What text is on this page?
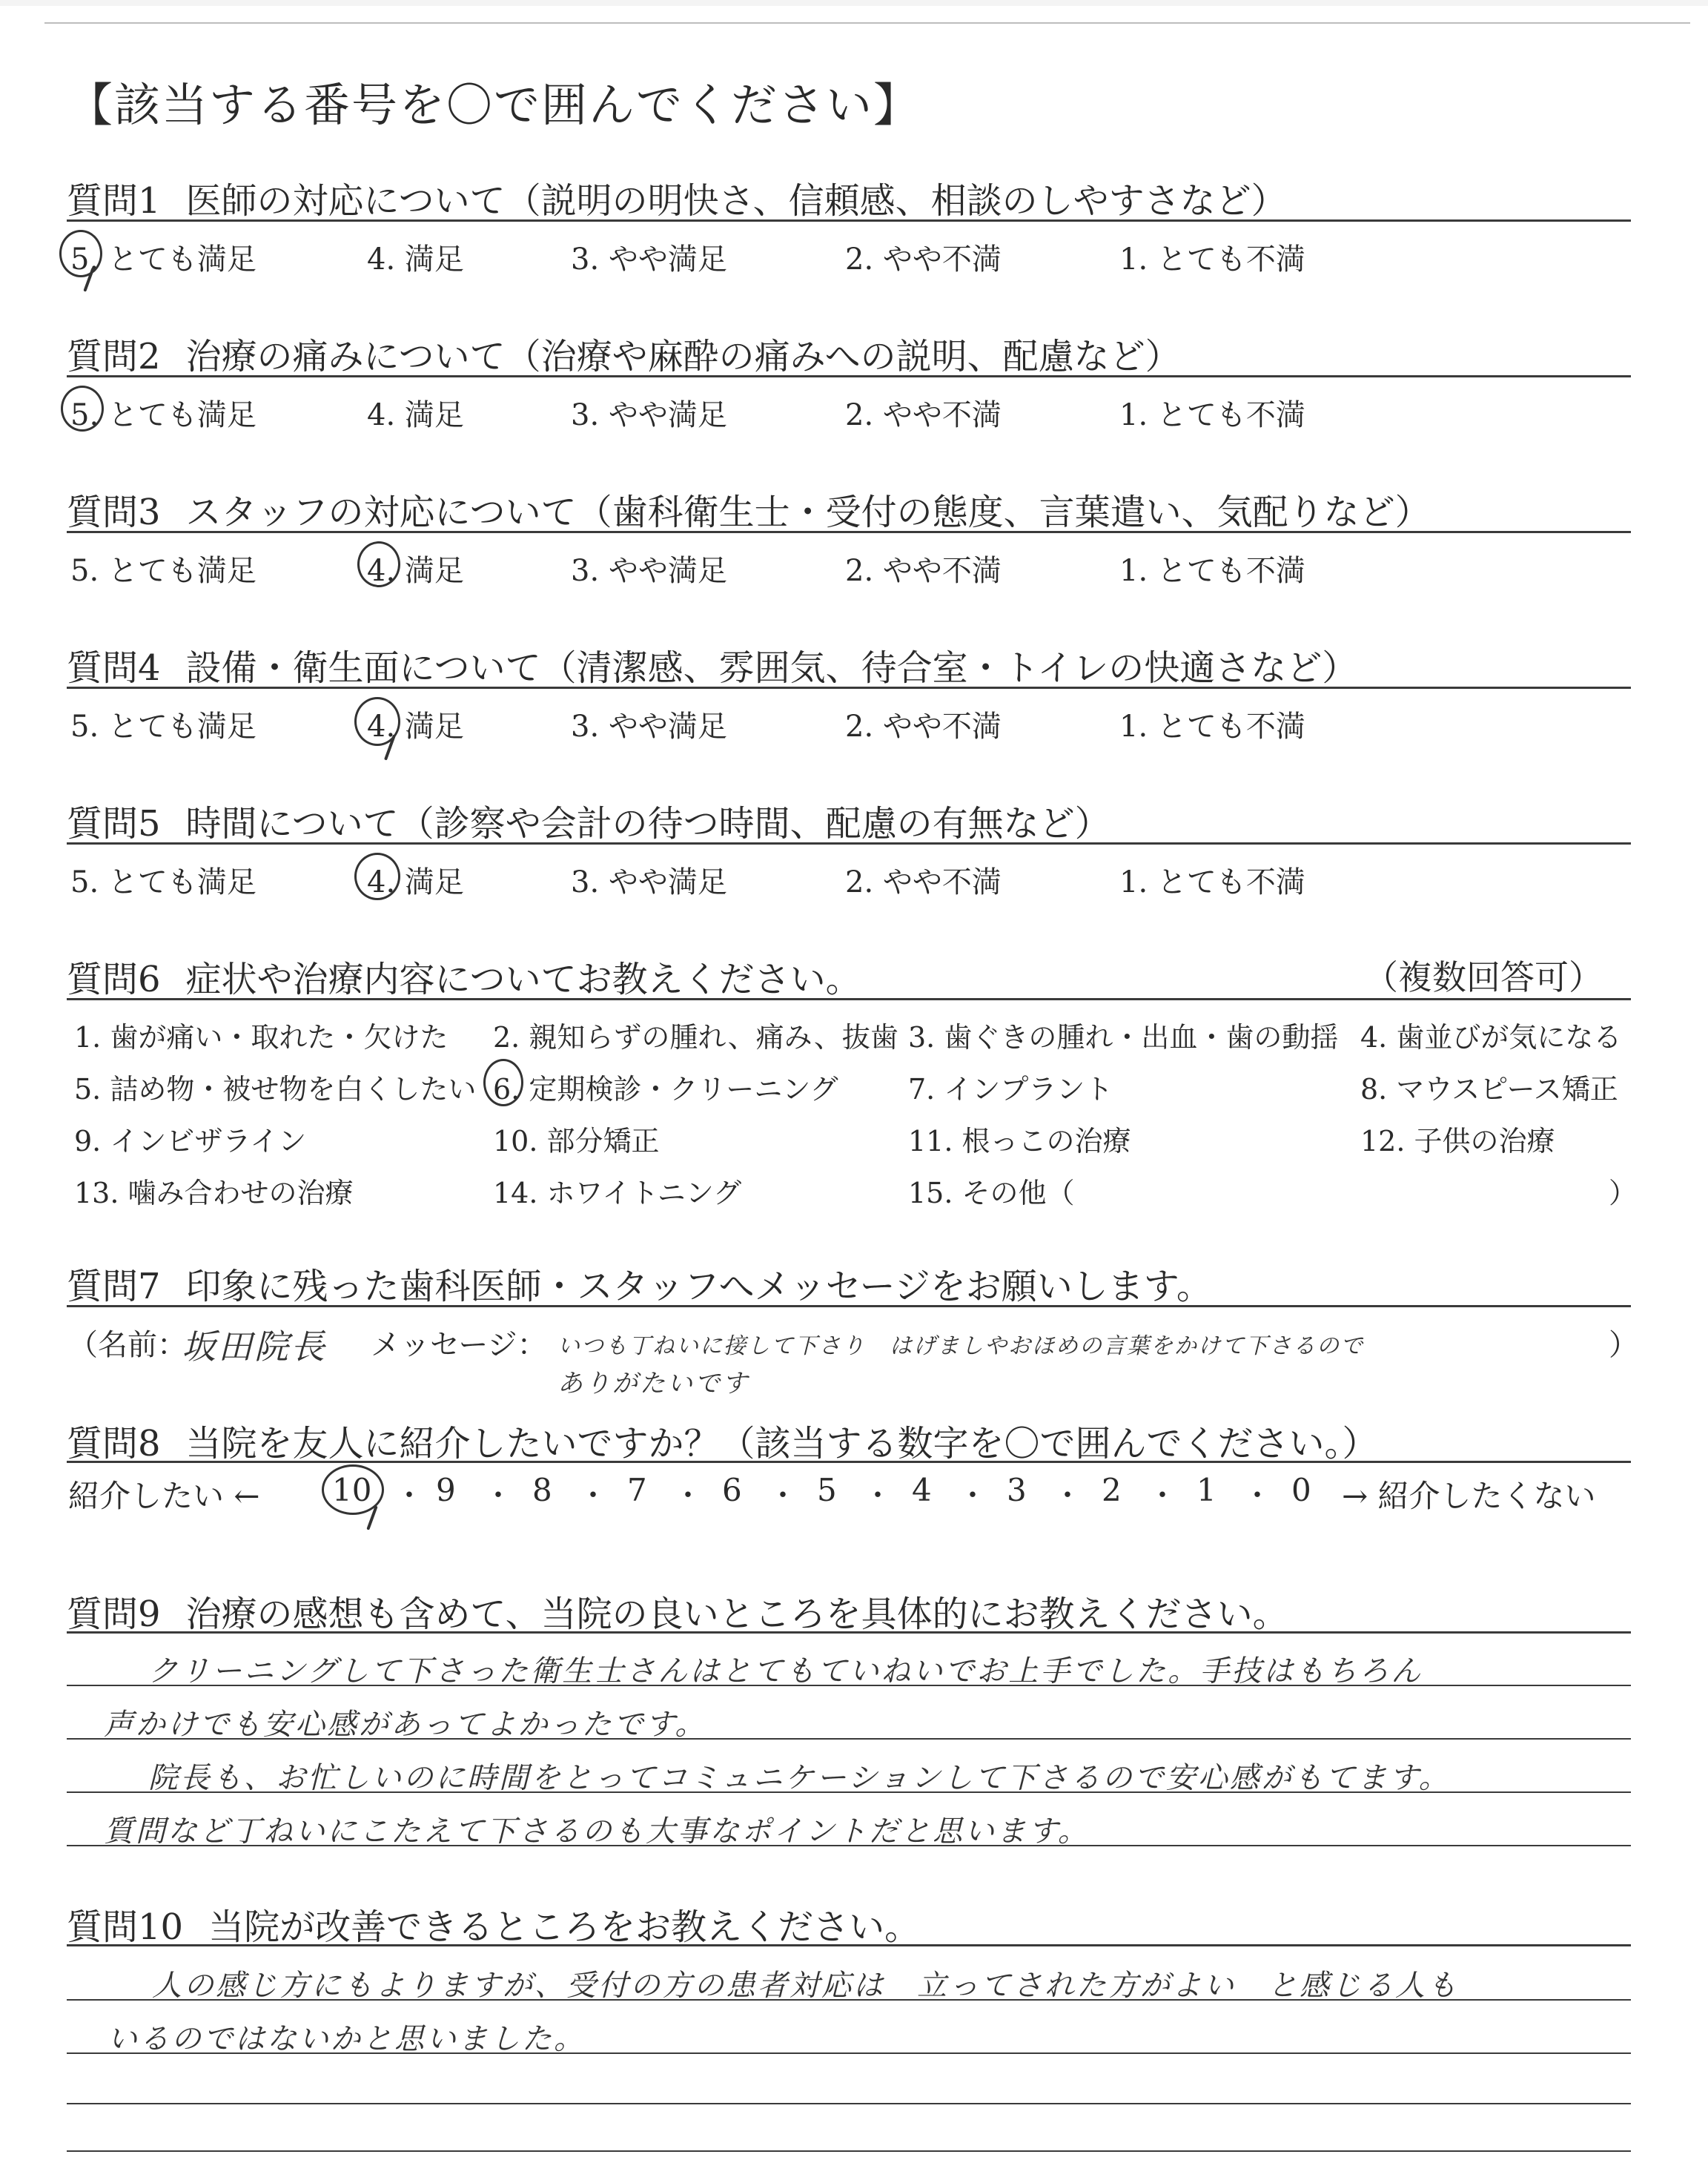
【該当する番号を〇で囲んでください】
質問1 医師の対応について（説明の明快さ、信頼感、相談のしやすさなど）
5. とても満足	4. 満足	3. やや満足	2. やや不満	1. とても不満
質問2 治療の痛みについて（治療や麻酔の痛みへの説明、配慮など）
5. とても満足	4. 満足	3. やや満足	2. やや不満	1. とても不満
質問3 スタッフの対応について（歯科衛生士・受付の態度、言葉遣い、気配りなど）
5. とても満足	4. 満足	3. やや満足	2. やや不満	1. とても不満
質問4 設備・衛生面について（清潔感、雰囲気、待合室・トイレの快適さなど）
5. とても満足	4. 満足	3. やや満足	2. やや不満	1. とても不満
質問5 時間について（診察や会計の待つ時間、配慮の有無など）
5. とても満足	4. 満足	3. やや満足	2. やや不満	1. とても不満
質問6 症状や治療内容についてお教えください。	（複数回答可）
1. 歯が痛い・取れた・欠けた 2. 親知らずの腫れ、痛み、抜歯 3. 歯ぐきの腫れ・出血・歯の動揺 4. 歯並びが気になる
5. 詰め物・被せ物を白くしたい 6. 定期検診・クリーニング 7. インプラント	8. マウスピース矯正
9. インビザライン	10. 部分矯正	11. 根っこの治療	12. 子供の治療
13. 噛み合わせの治療	14. ホワイトニング	15. その他（	）
質問7 印象に残った歯科医師・スタッフへメッセージをお願いします。
（名前：
坂田院長 メッセージ： いつも丁ねいに接して下さり　はげましやおほめの言葉をかけて下さるので	）
ありがたいです
質問8 当院を友人に紹介したいですか？（該当する数字を〇で囲んでください。）
紹介したい ←	→ 紹介したくない
10 ・ 9 ・ 8 ・ 7 ・ 6 ・ 5 ・ 4 ・ 3 ・ 2 ・ 1 ・ 0
質問9 治療の感想も含めて、当院の良いところを具体的にお教えください。
クリーニングして下さった衛生士さんはとてもていねいでお上手でした。手技はもちろん
声かけでも安心感があってよかったです。
院長も、お忙しいのに時間をとってコミュニケーションして下さるので安心感がもてます。
質問など丁ねいにこたえて下さるのも大事なポイントだと思います。
質問10 当院が改善できるところをお教えください。
人の感じ方にもよりますが、受付の方の患者対応は　立ってされた方がよい　と感じる人も
いるのではないかと思いました。
